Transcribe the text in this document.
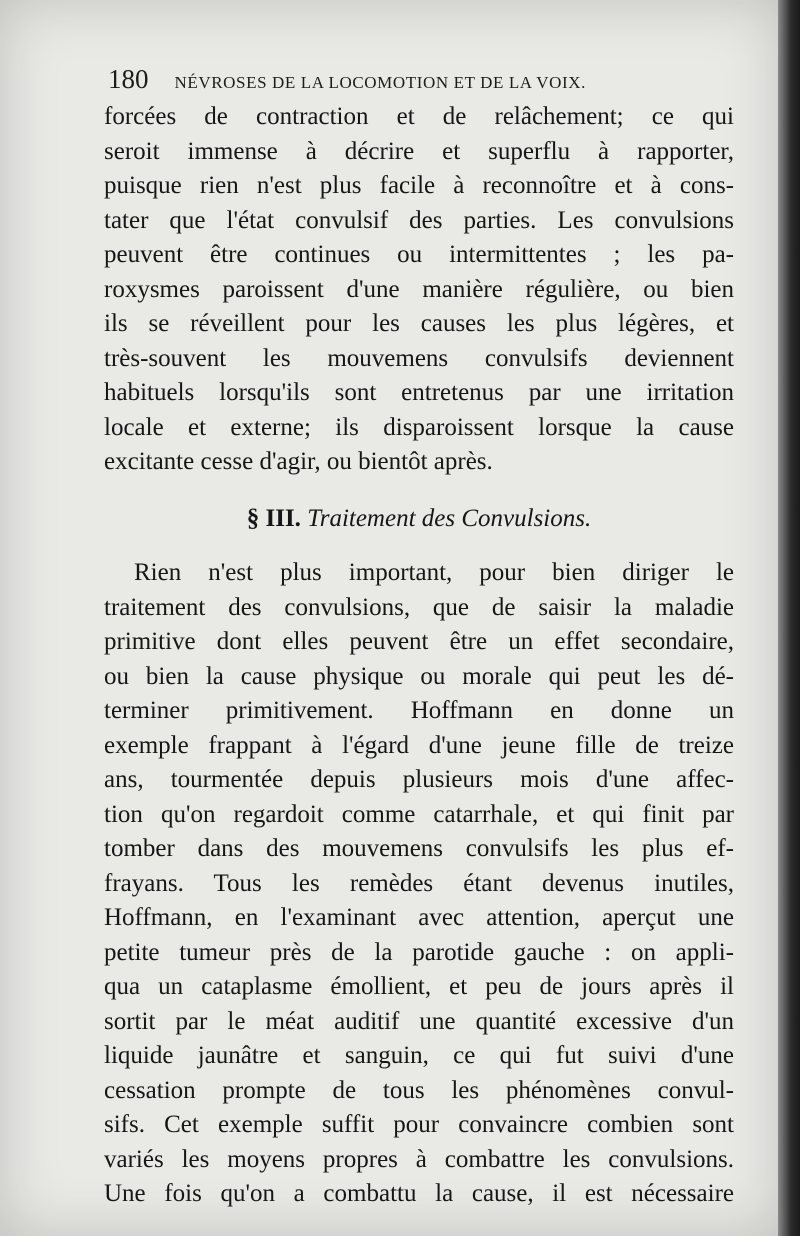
180 NÉVROSES DE LA LOCOMOTION ET DE LA VOIX.
forcées de contraction et de relâchement; ce qui
seroit immense à décrire et superflu à rapporter,
puisque rien n'est plus facile à reconnoître et à cons-
tater que l'état convulsif des parties. Les convulsions
peuvent être continues ou intermittentes ; les pa-
roxysmes paroissent d'une manière régulière, ou bien
ils se réveillent pour les causes les plus légères, et
très-souvent les mouvemens convulsifs deviennent
habituels lorsqu'ils sont entretenus par une irritation
locale et externe; ils disparoissent lorsque la cause
excitante cesse d'agir, ou bientôt après.
§ III. Traitement des Convulsions.
Rien n'est plus important, pour bien diriger le
traitement des convulsions, que de saisir la maladie
primitive dont elles peuvent être un effet secondaire,
ou bien la cause physique ou morale qui peut les dé-
terminer primitivement. Hoffmann en donne un
exemple frappant à l'égard d'une jeune fille de treize
ans, tourmentée depuis plusieurs mois d'une affec-
tion qu'on regardoit comme catarrhale, et qui finit par
tomber dans des mouvemens convulsifs les plus ef-
frayans. Tous les remèdes étant devenus inutiles,
Hoffmann, en l'examinant avec attention, aperçut une
petite tumeur près de la parotide gauche : on appli-
qua un cataplasme émollient, et peu de jours après il
sortit par le méat auditif une quantité excessive d'un
liquide jaunâtre et sanguin, ce qui fut suivi d'une
cessation prompte de tous les phénomènes convul-
sifs. Cet exemple suffit pour convaincre combien sont
variés les moyens propres à combattre les convulsions.
Une fois qu'on a combattu la cause, il est nécessaire
